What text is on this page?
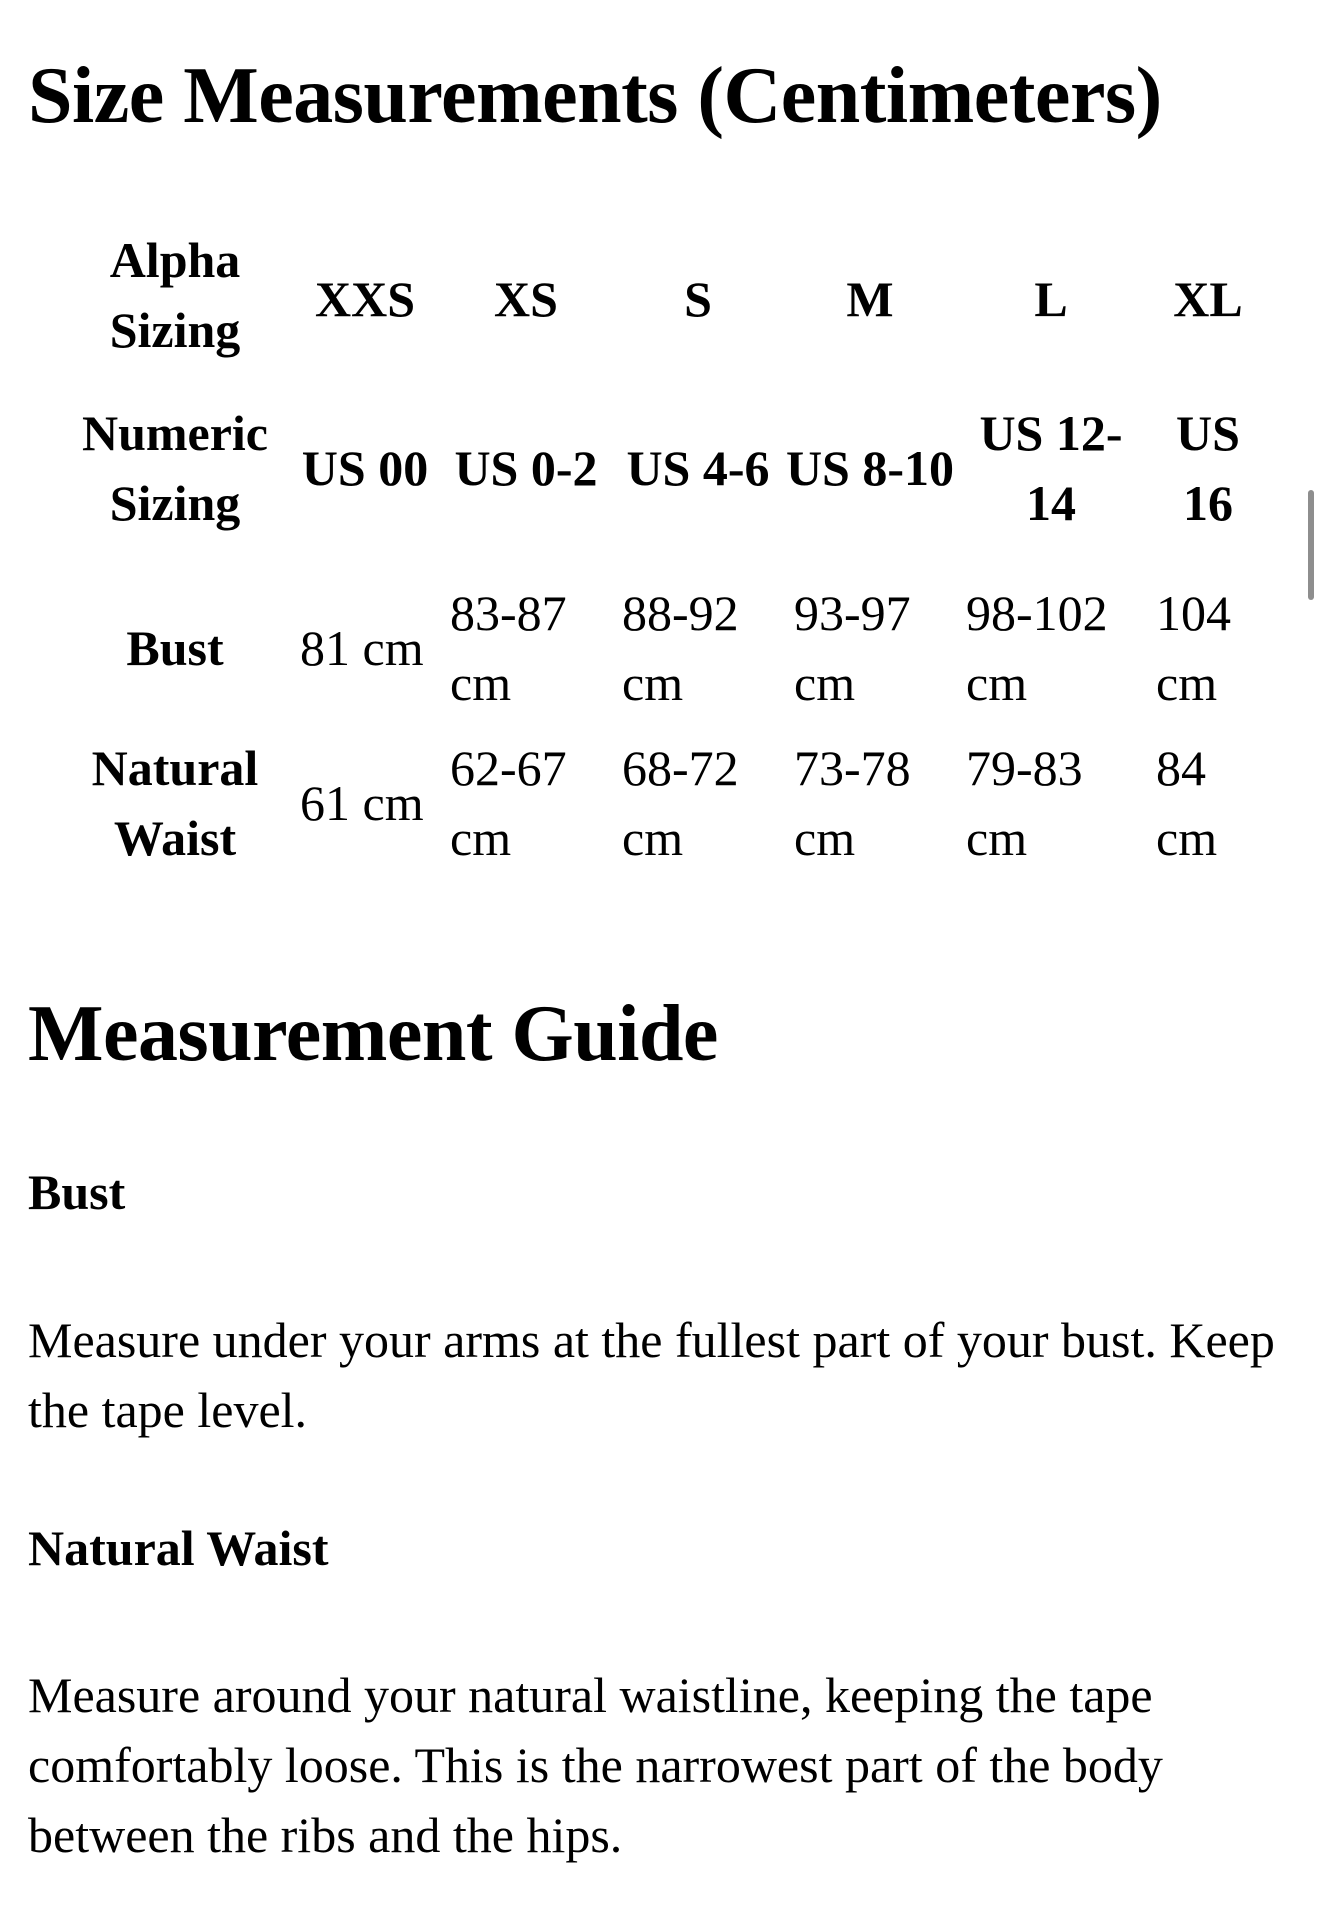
Size Measurements (Centimeters)
Alpha Sizing	XXS	XS	S	M	L	XL
Numeric Sizing	US 00	US 0-2	US 4-6	US 8-10	US 12-14	US 16
Bust	81 cm	83-87 cm	88-92 cm	93-97 cm	98-102 cm	104 cm
Natural Waist	61 cm	62-67 cm	68-72 cm	73-78 cm	79-83 cm	84 cm
Measurement Guide
Bust

Measure under your arms at the fullest part of your bust. Keep the tape level.

Natural Waist

Measure around your natural waistline, keeping the tape comfortably loose. This is the narrowest part of the body between the ribs and the hips.
